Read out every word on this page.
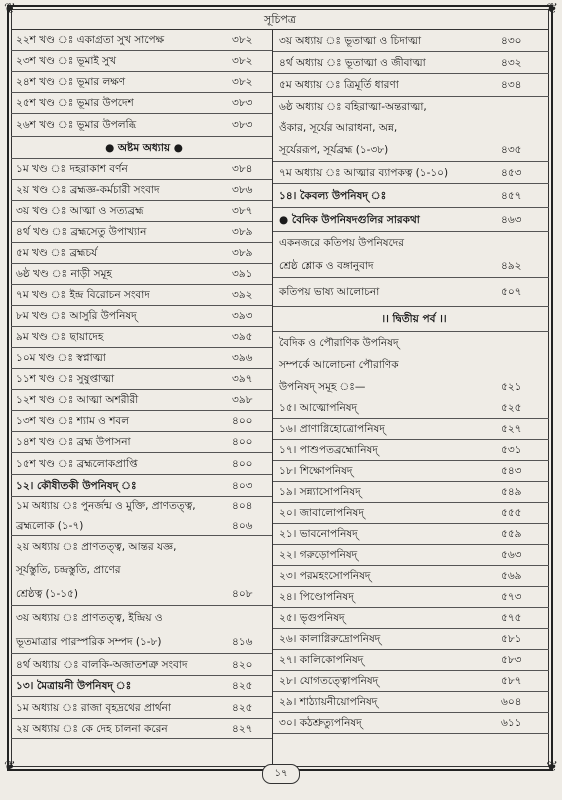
❦	❦
❦	❦
সূচিপত্র
২২শ খণ্ড ঃ একাগ্রতা সুখ সাপেক্ষ	৩৮২
২৩শ খণ্ড ঃ ভূমাই সুখ	৩৮২
২৪শ খণ্ড ঃ ভূমার লক্ষণ	৩৮২
২৫শ খণ্ড ঃ ভূমার উপদেশ	৩৮৩
২৬শ খণ্ড ঃ ভূমার উপলব্ধি	৩৮৩
● অষ্টম অধ্যায় ●
১ম খণ্ড ঃ দহরাকাশ বর্ণন	৩৮৪
২য় খণ্ড ঃ ব্রহ্মজ্ঞ-কর্মচারী সংবাদ	৩৮৬
৩য় খণ্ড ঃ আত্মা ও সত্যব্রহ্ম	৩৮৭
৪র্থ খণ্ড ঃ ব্রহ্মসেতু উপাখ্যান	৩৮৯
৫ম খণ্ড ঃ ব্রহ্মচর্য	৩৮৯
৬ষ্ঠ খণ্ড ঃ নাড়ী সমূহ	৩৯১
৭ম খণ্ড ঃ ইন্দ্র বিরোচন সংবাদ	৩৯২
৮ম খণ্ড ঃ আসুরি উপনিষদ্	৩৯৩
৯ম খণ্ড ঃ ছায়াদেহ	৩৯৫
১০ম খণ্ড ঃ স্বপ্নাত্মা	৩৯৬
১১শ খণ্ড ঃ সুষুপ্তাত্মা	৩৯৭
১২শ খণ্ড ঃ আত্মা অশরীরী	৩৯৮
১৩শ খণ্ড ঃ শ্যাম ও শবল	৪০০
১৪শ খণ্ড ঃ ব্রহ্ম উপাসনা	৪০০
১৫শ খণ্ড ঃ ব্রহ্মলোকপ্রাপ্তি	৪০০
১২। কৌষীতকী উপনিষদ্ ঃ	৪০৩
১ম অধ্যায় ঃ পুনর্জন্ম ও মুক্তি, প্রাণতত্ত্ব,	৪০৪
ব্রহ্মলোক (১-৭)	৪০৬
২য় অধ্যায় ঃ প্রাণতত্ত্ব, আন্তর যজ্ঞ,
সূর্যস্তুতি, চন্দ্রস্তুতি, প্রাণের
শ্রেষ্ঠত্ব (১-১৫)	৪০৮
৩য় অধ্যায় ঃ প্রাণতত্ত্ব, ইন্দ্রিয় ও
ভূতমাত্রার পারস্পরিক সম্পদ (১-৮)	৪১৬
৪র্থ অধ্যায় ঃ বালকি-অজাতশত্রু সংবাদ	৪২০
১৩। মৈত্রায়নী উপনিষদ্ ঃ	৪২৫
১ম অধ্যায় ঃ রাজা বৃহদ্রথের প্রার্থনা	৪২৫
২য় অধ্যায় ঃ কে দেহ চালনা করেন	৪২৭
৩য় অধ্যায় ঃ ভূতাত্মা ও চিদাত্মা	৪৩০
৪র্থ অধ্যায় ঃ ভূতাত্মা ও জীবাত্মা	৪৩২
৫ম অধ্যায় ঃ ত্রিমূর্তি ধারণা	৪৩৪
৬ষ্ঠ অধ্যায় ঃ বহিরাত্মা-অন্তরাত্মা,
ওঁকার, সূর্যের আরাধনা, অন্ন,
সূর্যেররূপ, সূর্যব্রহ্ম (১-৩৮)	৪৩৫
৭ম অধ্যায় ঃ আত্মার ব্যাপকত্ব (১-১০)	৪৫৩
১৪। কৈবল্য উপনিষদ্ ঃ	৪৫৭
● বৈদিক উপনিষদগুলির সারকথা	৪৬৩
একনজরে কতিপয় উপনিষদের
শ্রেষ্ঠ শ্লোক ও বঙ্গানুবাদ	৪৯২
কতিপয় ভাষ্য আলোচনা	৫০৭
।। দ্বিতীয় পর্ব ।।
বৈদিক ও পৌরাণিক উপনিষদ্
সম্পর্কে আলোচনা পৌরাণিক
উপনিষদ্ সমূহ ঃ—	৫২১
১৫। আত্মোপনিষদ্	৫২৫
১৬। প্রাণাগ্নিহোত্রোপনিষদ্	৫২৭
১৭। পাশুপতব্রহ্মোনিষদ্	৫৩১
১৮। শিক্ষোপনিষদ্	৫৪৩
১৯। সন্ন্যাসোপনিষদ্	৫৪৯
২০। জাবালোপনিষদ্	৫৫৫
২১। ভাবনোপনিষদ্	৫৫৯
২২। গরুড়োপনিষদ্	৫৬৩
২৩। পরমহংসোপনিষদ্	৫৬৯
২৪। পিণ্ডোপনিষদ্	৫৭৩
২৫। ভৃগুপনিষদ্	৫৭৫
২৬। কালাগ্নিরুদ্রোপনিষদ্	৫৮১
২৭। কালিকোপনিষদ্	৫৮৩
২৮। যোগতত্ত্বোপনিষদ্	৫৮৭
২৯। শাঠ্যায়নীয়োপনিষদ্	৬০৪
৩০। কঠশ্রুত্যুপনিষদ্	৬১১
১৭
